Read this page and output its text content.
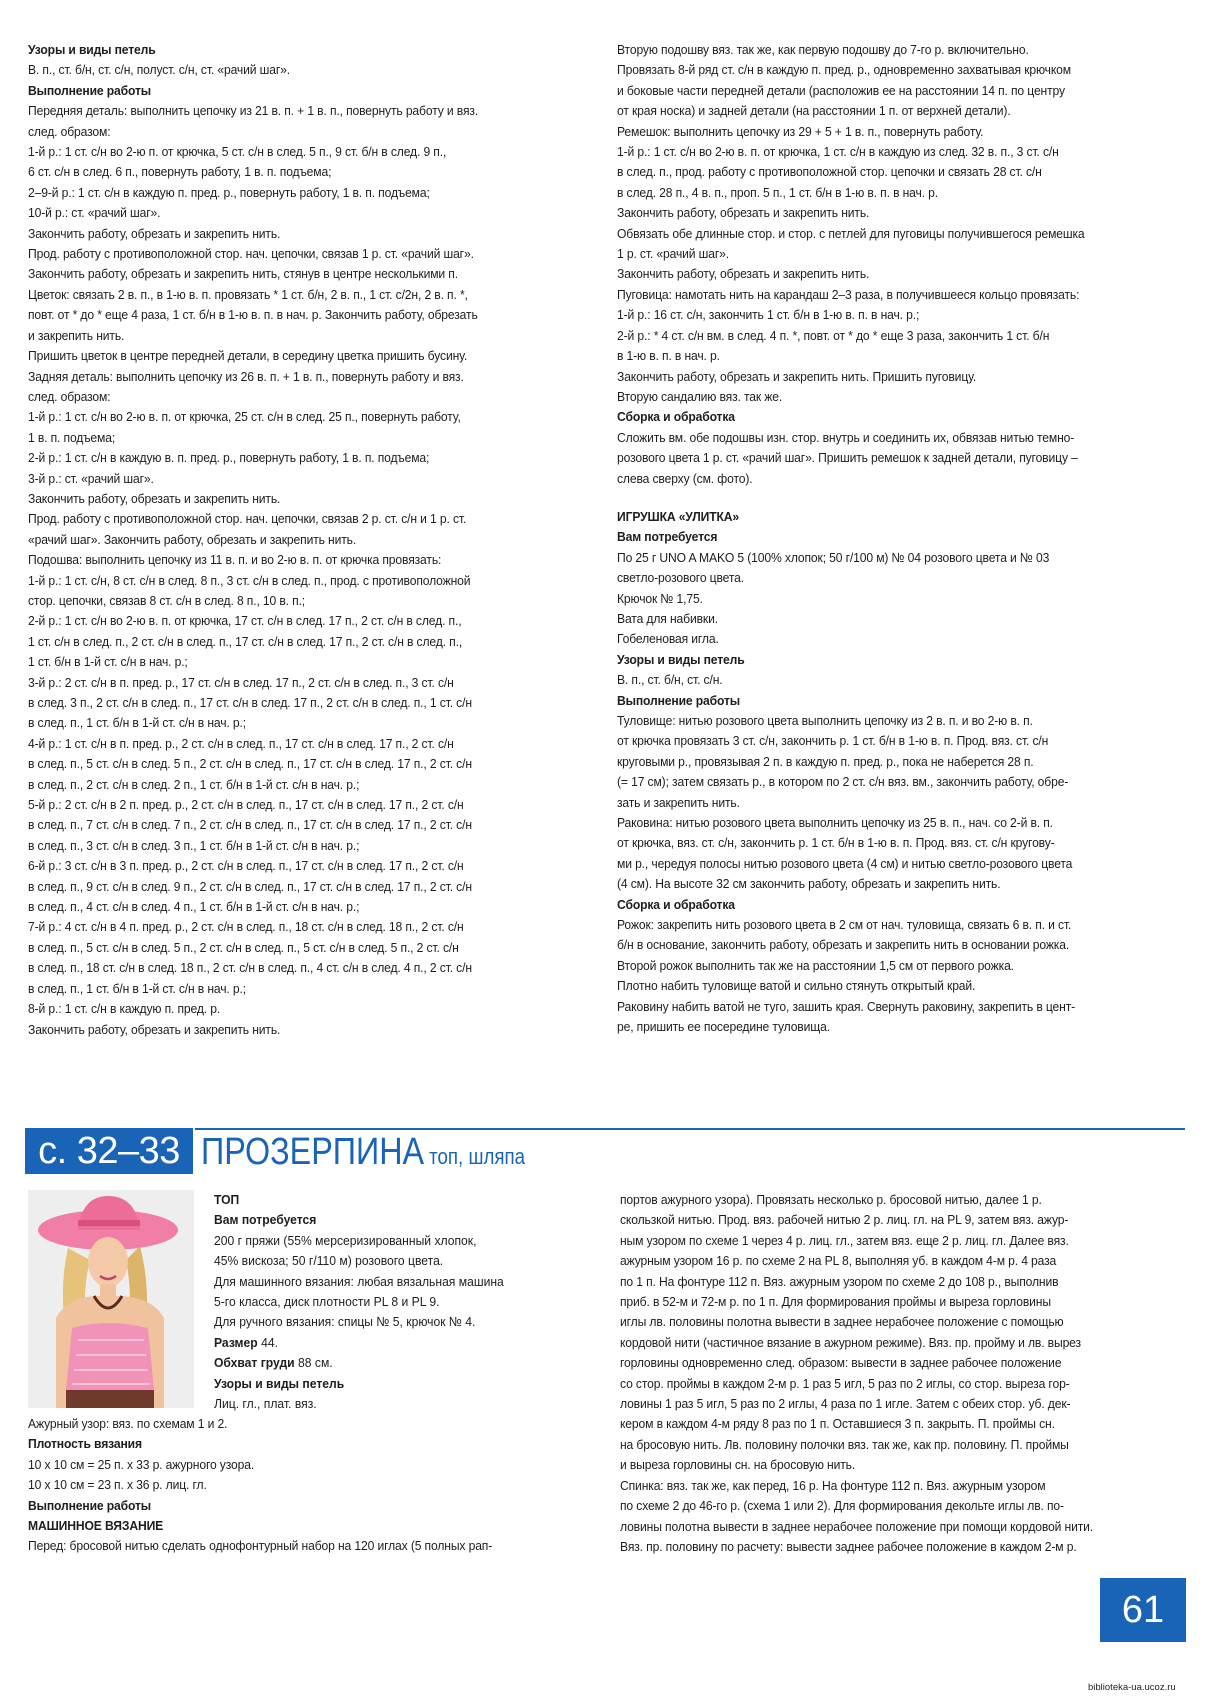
Узоры и виды петель
В. п., ст. б/н, ст. с/н, полуст. с/н, ст. «рачий шаг».
Выполнение работы
Передняя деталь: выполнить цепочку из 21 в. п. + 1 в. п., повернуть работу и вяз.
след. образом:
1-й р.: 1 ст. с/н во 2-ю п. от крючка, 5 ст. с/н в след. 5 п., 9 ст. б/н в след. 9 п.,
6 ст. с/н в след. 6 п., повернуть работу, 1 в. п. подъема;
2–9-й р.: 1 ст. с/н в каждую п. пред. р., повернуть работу, 1 в. п. подъема;
10-й р.: ст. «рачий шаг».
Закончить работу, обрезать и закрепить нить.
Прод. работу с противоположной стор. нач. цепочки, связав 1 р. ст. «рачий шаг».
Закончить работу, обрезать и закрепить нить, стянув в центре несколькими п.
Цветок: связать 2 в. п., в 1-ю в. п. провязать * 1 ст. б/н, 2 в. п., 1 ст. с/2н, 2 в. п. *,
повт. от * до * еще 4 раза, 1 ст. б/н в 1-ю в. п. в нач. р. Закончить работу, обрезать
и закрепить нить.
Пришить цветок в центре передней детали, в середину цветка пришить бусину.
Задняя деталь: выполнить цепочку из 26 в. п. + 1 в. п., повернуть работу и вяз.
след. образом:
1-й р.: 1 ст. с/н во 2-ю в. п. от крючка, 25 ст. с/н в след. 25 п., повернуть работу,
1 в. п. подъема;
2-й р.: 1 ст. с/н в каждую в. п. пред. р., повернуть работу, 1 в. п. подъема;
3-й р.: ст. «рачий шаг».
Закончить работу, обрезать и закрепить нить.
Прод. работу с противоположной стор. нач. цепочки, связав 2 р. ст. с/н и 1 р. ст.
«рачий шаг». Закончить работу, обрезать и закрепить нить.
Подошва: выполнить цепочку из 11 в. п. и во 2-ю в. п. от крючка провязать:
1-й р.: 1 ст. с/н, 8 ст. с/н в след. 8 п., 3 ст. с/н в след. п., прод. с противоположной
стор. цепочки, связав 8 ст. с/н в след. 8 п., 10 в. п.;
2-й р.: 1 ст. с/н во 2-ю в. п. от крючка, 17 ст. с/н в след. 17 п., 2 ст. с/н в след. п.,
1 ст. с/н в след. п., 2 ст. с/н в след. п., 17 ст. с/н в след. 17 п., 2 ст. с/н в след. п.,
1 ст. б/н в 1-й ст. с/н в нач. р.;
3-й р.: 2 ст. с/н в п. пред. р., 17 ст. с/н в след. 17 п., 2 ст. с/н в след. п., 3 ст. с/н
в след. 3 п., 2 ст. с/н в след. п., 17 ст. с/н в след. 17 п., 2 ст. с/н в след. п., 1 ст. с/н
в след. п., 1 ст. б/н в 1-й ст. с/н в нач. р.;
4-й р.: 1 ст. с/н в п. пред. р., 2 ст. с/н в след. п., 17 ст. с/н в след. 17 п., 2 ст. с/н
в след. п., 5 ст. с/н в след. 5 п., 2 ст. с/н в след. п., 17 ст. с/н в след. 17 п., 2 ст. с/н
в след. п., 2 ст. с/н в след. 2 п., 1 ст. б/н в 1-й ст. с/н в нач. р.;
5-й р.: 2 ст. с/н в 2 п. пред. р., 2 ст. с/н в след. п., 17 ст. с/н в след. 17 п., 2 ст. с/н
в след. п., 7 ст. с/н в след. 7 п., 2 ст. с/н в след. п., 17 ст. с/н в след. 17 п., 2 ст. с/н
в след. п., 3 ст. с/н в след. 3 п., 1 ст. б/н в 1-й ст. с/н в нач. р.;
6-й р.: 3 ст. с/н в 3 п. пред. р., 2 ст. с/н в след. п., 17 ст. с/н в след. 17 п., 2 ст. с/н
в след. п., 9 ст. с/н в след. 9 п., 2 ст. с/н в след. п., 17 ст. с/н в след. 17 п., 2 ст. с/н
в след. п., 4 ст. с/н в след. 4 п., 1 ст. б/н в 1-й ст. с/н в нач. р.;
7-й р.: 4 ст. с/н в 4 п. пред. р., 2 ст. с/н в след. п., 18 ст. с/н в след. 18 п., 2 ст. с/н
в след. п., 5 ст. с/н в след. 5 п., 2 ст. с/н в след. п., 5 ст. с/н в след. 5 п., 2 ст. с/н
в след. п., 18 ст. с/н в след. 18 п., 2 ст. с/н в след. п., 4 ст. с/н в след. 4 п., 2 ст. с/н
в след. п., 1 ст. б/н в 1-й ст. с/н в нач. р.;
8-й р.: 1 ст. с/н в каждую п. пред. р.
Закончить работу, обрезать и закрепить нить.
Вторую подошву вяз. так же, как первую подошву до 7-го р. включительно.
Провязать 8-й ряд ст. с/н в каждую п. пред. р., одновременно захватывая крючком
и боковые части передней детали (расположив ее на расстоянии 14 п. по центру
от края носка) и задней детали (на расстоянии 1 п. от верхней детали).
Ремешок: выполнить цепочку из 29 + 5 + 1 в. п., повернуть работу.
1-й р.: 1 ст. с/н во 2-ю в. п. от крючка, 1 ст. с/н в каждую из след. 32 в. п., 3 ст. с/н
в след. п., прод. работу с противоположной стор. цепочки и связать 28 ст. с/н
в след. 28 п., 4 в. п., проп. 5 п., 1 ст. б/н в 1-ю в. п. в нач. р.
Закончить работу, обрезать и закрепить нить.
Обвязать обе длинные стор. и стор. с петлей для пуговицы получившегося ремешка
1 р. ст. «рачий шаг».
Закончить работу, обрезать и закрепить нить.
Пуговица: намотать нить на карандаш 2–3 раза, в получившееся кольцо провязать:
1-й р.: 16 ст. с/н, закончить 1 ст. б/н в 1-ю в. п. в нач. р.;
2-й р.: * 4 ст. с/н вм. в след. 4 п. *, повт. от * до * еще 3 раза, закончить 1 ст. б/н
в 1-ю в. п. в нач. р.
Закончить работу, обрезать и закрепить нить. Пришить пуговицу.
Вторую сандалию вяз. так же.
Сборка и обработка
Сложить вм. обе подошвы изн. стор. внутрь и соединить их, обвязав нитью темно-
розового цвета 1 р. ст. «рачий шаг». Пришить ремешок к задней детали, пуговицу –
слева сверху (см. фото).
ИГРУШКА «УЛИТКА»
Вам потребуется
По 25 г UNO A MAKO 5 (100% хлопок; 50 г/100 м) № 04 розового цвета и № 03
светло-розового цвета.
Крючок № 1,75.
Вата для набивки.
Гобеленовая игла.
Узоры и виды петель
В. п., ст. б/н, ст. с/н.
Выполнение работы
Туловище: нитью розового цвета выполнить цепочку из 2 в. п. и во 2-ю в. п.
от крючка провязать 3 ст. с/н, закончить р. 1 ст. б/н в 1-ю в. п. Прод. вяз. ст. с/н
круговыми р., провязывая 2 п. в каждую п. пред. р., пока не наберется 28 п.
(= 17 см); затем связать р., в котором по 2 ст. с/н вяз. вм., закончить работу, обре-
зать и закрепить нить.
Раковина: нитью розового цвета выполнить цепочку из 25 в. п., нач. со 2-й в. п.
от крючка, вяз. ст. с/н, закончить р. 1 ст. б/н в 1-ю в. п. Прод. вяз. ст. с/н кругову-
ми р., чередуя полосы нитью розового цвета (4 см) и нитью светло-розового цвета
(4 см). На высоте 32 см закончить работу, обрезать и закрепить нить.
Сборка и обработка
Рожок: закрепить нить розового цвета в 2 см от нач. туловища, связать 6 в. п. и ст.
б/н в основание, закончить работу, обрезать и закрепить нить в основании рожка.
Второй рожок выполнить так же на расстоянии 1,5 см от первого рожка.
Плотно набить туловище ватой и сильно стянуть открытый край.
Раковину набить ватой не туго, зашить края. Свернуть раковину, закрепить в цент-
ре, пришить ее посередине туловища.
с. 32–33 ПРОЗЕРПИНА топ, шляпа
ТОП
Вам потребуется
200 г пряжи (55% мерсеризированный хлопок,
45% вискоза; 50 г/110 м) розового цвета.
Для машинного вязания: любая вязальная машина
5-го класса, диск плотности PL 8 и PL 9.
Для ручного вязания: спицы № 5, крючок № 4.
Размер 44.
Обхват груди 88 см.
Узоры и виды петель
Лиц. гл., плат. вяз.
Ажурный узор: вяз. по схемам 1 и 2.
Плотность вязания
10 х 10 см = 25 п. х 33 р. ажурного узора.
10 х 10 см = 23 п. х 36 р. лиц. гл.
Выполнение работы
МАШИННОЕ ВЯЗАНИЕ
Перед: бросовой нитью сделать однофонтурный набор на 120 иглах (5 полных рап-
портов ажурного узора). Провязать несколько р. бросовой нитью, далее 1 р.
скользкой нитью. Прод. вяз. рабочей нитью 2 р. лиц. гл. на PL 9, затем вяз. ажур-
ным узором по схеме 1 через 4 р. лиц. гл., затем вяз. еще 2 р. лиц. гл. Далее вяз.
ажурным узором 16 р. по схеме 2 на PL 8, выполняя уб. в каждом 4-м р. 4 раза
по 1 п. На фонтуре 112 п. Вяз. ажурным узором по схеме 2 до 108 р., выполнив
приб. в 52-м и 72-м р. по 1 п. Для формирования проймы и выреза горловины
иглы лв. половины полотна вывести в заднее нерабочее положение с помощью
кордовой нити (частичное вязание в ажурном режиме). Вяз. пр. пройму и лв. вырез
горловины одновременно след. образом: вывести в заднее рабочее положение
со стор. проймы в каждом 2-м р. 1 раз 5 игл, 5 раз по 2 иглы, со стор. выреза гор-
ловины 1 раз 5 игл, 5 раз по 2 иглы, 4 раза по 1 игле. Затем с обеих стор. уб. дек-
кером в каждом 4-м ряду 8 раз по 1 п. Оставшиеся 3 п. закрыть. П. проймы сн.
на бросовую нить. Лв. половину полочки вяз. так же, как пр. половину. П. проймы
и выреза горловины сн. на бросовую нить.
Спинка: вяз. так же, как перед, 16 р. На фонтуре 112 п. Вяз. ажурным узором
по схеме 2 до 46-го р. (схема 1 или 2). Для формирования декольте иглы лв. по-
ловины полотна вывести в заднее нерабочее положение при помощи кордовой нити.
Вяз. пр. половину по расчету: вывести заднее рабочее положение в каждом 2-м р.
61
biblioteka-ua.ucoz.ru
